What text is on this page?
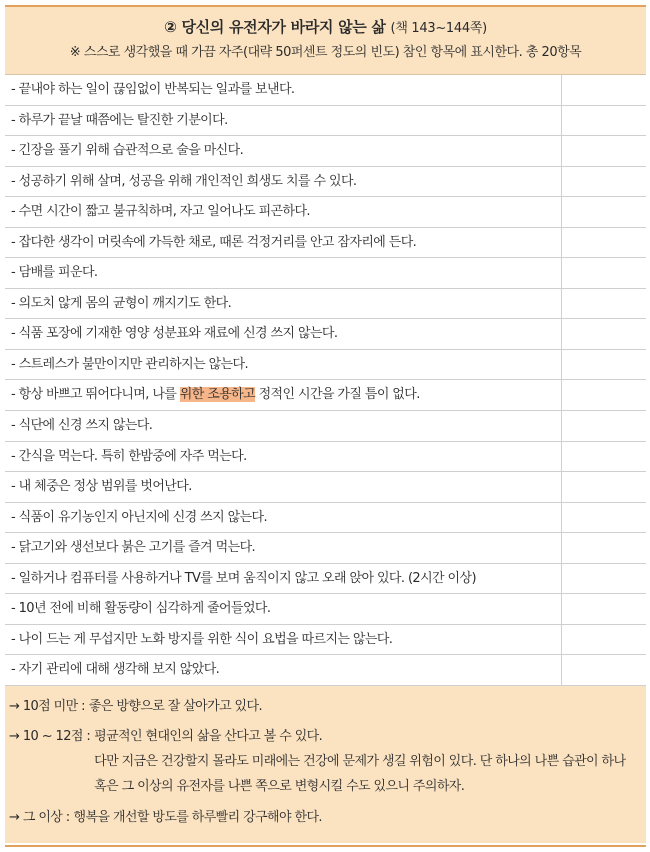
② 당신의 유전자가 바라지 않는 삶 (책 143~144쪽)
※ 스스로 생각했을 때 가끔 자주(대략 50퍼센트 정도의 빈도) 참인 항목에 표시한다. 총 20항목
- 끝내야 하는 일이 끊임없이 반복되는 일과를 보낸다.
- 하루가 끝날 때쯤에는 탈진한 기분이다.
- 긴장을 풀기 위해 습관적으로 술을 마신다.
- 성공하기 위해 살며, 성공을 위해 개인적인 희생도 치를 수 있다.
- 수면 시간이 짧고 불규칙하며, 자고 일어나도 피곤하다.
- 잡다한 생각이 머릿속에 가득한 채로, 때론 걱정거리를 안고 잠자리에 든다.
- 담배를 피운다.
- 의도치 않게 몸의 균형이 깨지기도 한다.
- 식품 포장에 기재한 영양 성분표와 재료에 신경 쓰지 않는다.
- 스트레스가 불만이지만 관리하지는 않는다.
- 항상 바쁘고 뛰어다니며, 나를 위한 조용하고 정적인 시간을 가질 틈이 없다.
- 식단에 신경 쓰지 않는다.
- 간식을 먹는다. 특히 한밤중에 자주 먹는다.
- 내 체중은 정상 범위를 벗어난다.
- 식품이 유기농인지 아닌지에 신경 쓰지 않는다.
- 닭고기와 생선보다 붉은 고기를 즐겨 먹는다.
- 일하거나 컴퓨터를 사용하거나 TV를 보며 움직이지 않고 오래 앉아 있다. (2시간 이상)
- 10년 전에 비해 활동량이 심각하게 줄어들었다.
- 나이 드는 게 무섭지만 노화 방지를 위한 식이 요법을 따르지는 않는다.
- 자기 관리에 대해 생각해 보지 않았다.
→ 10점 미만 : 좋은 방향으로 잘 살아가고 있다.
→ 10 ~ 12점 : 평균적인 현대인의 삶을 산다고 볼 수 있다.
다만 지금은 건강할지 몰라도 미래에는 건강에 문제가 생길 위험이 있다. 단 하나의 나쁜 습관이 하나 혹은 그 이상의 유전자를 나쁜 쪽으로 변형시킬 수도 있으니 주의하자.
→ 그 이상 : 행복을 개선할 방도를 하루빨리 강구해야 한다.
